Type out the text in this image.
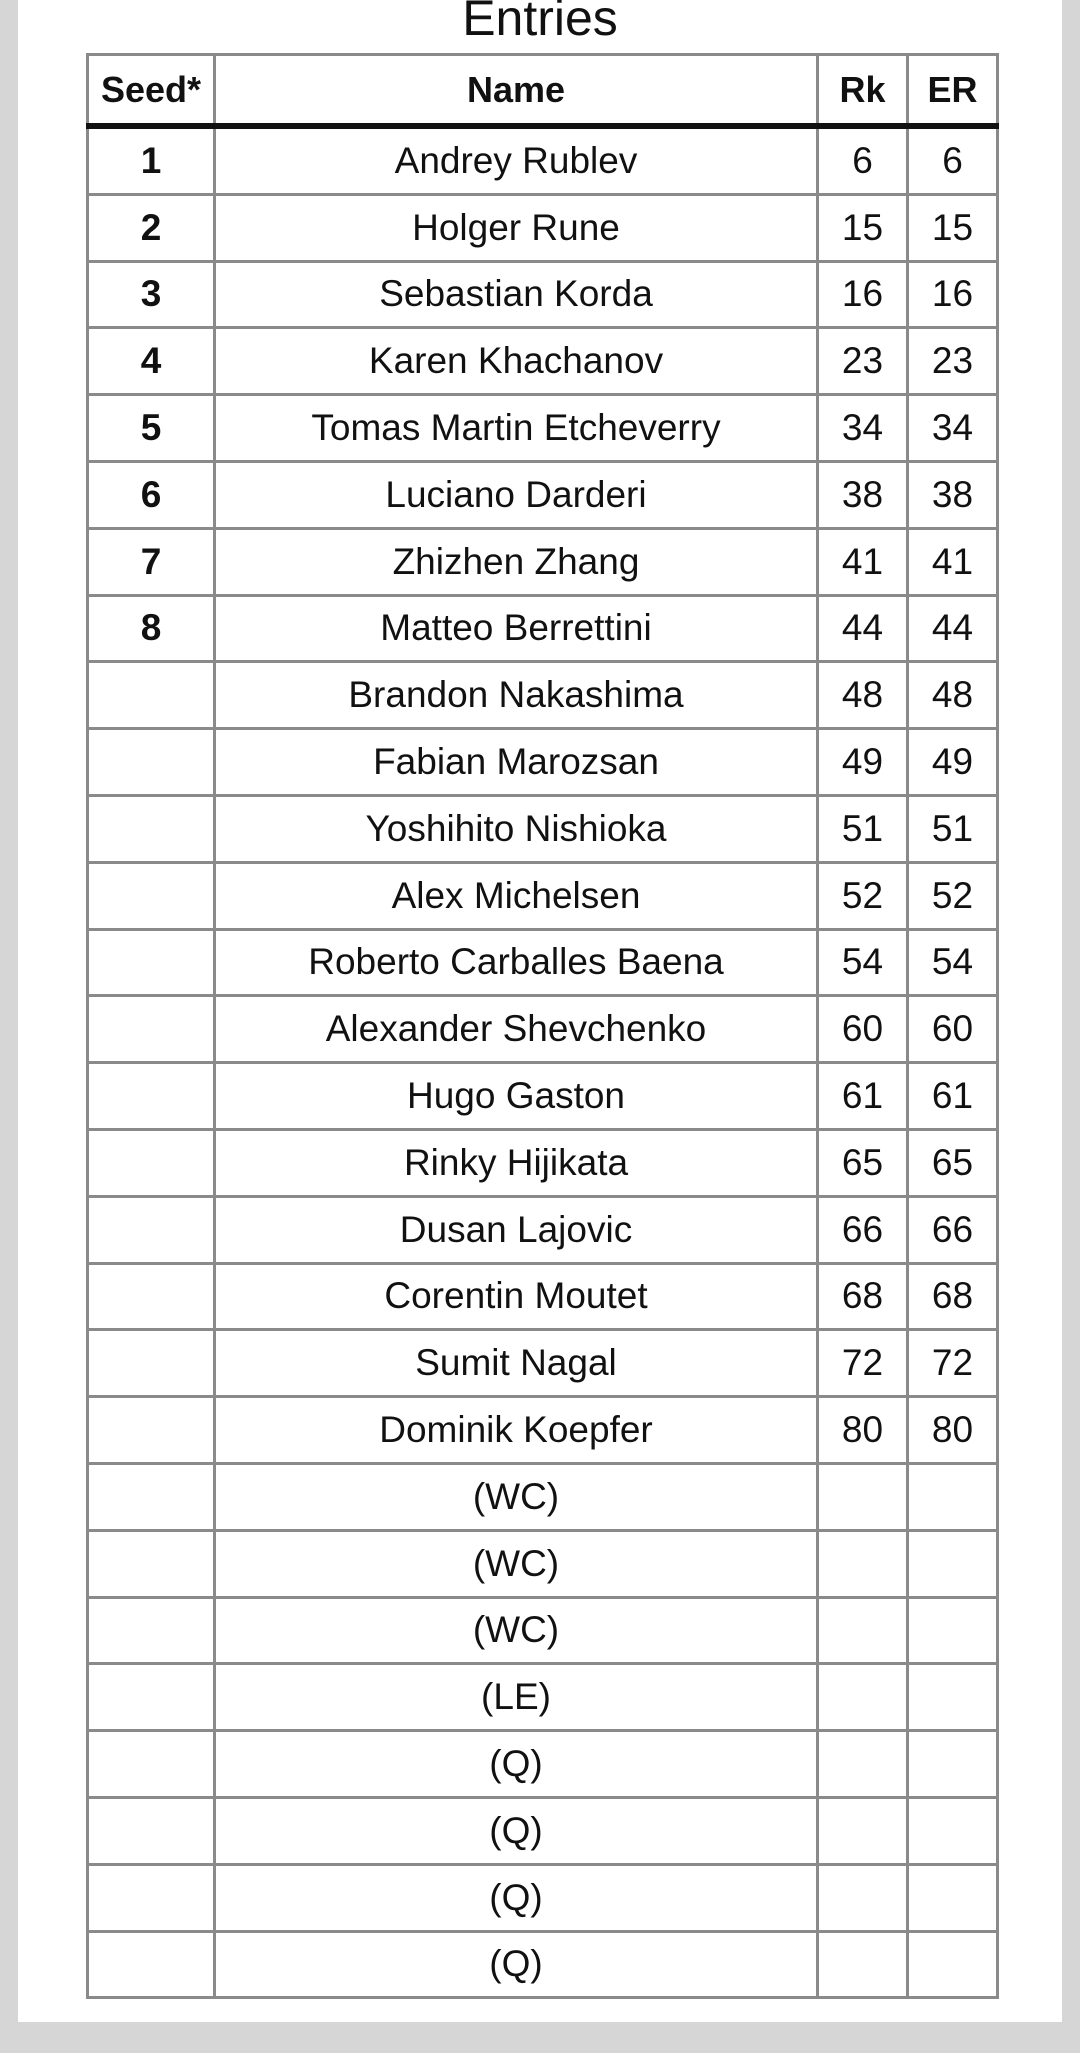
Entries
Seed*	Name	Rk	ER
1	Andrey Rublev	6	6
2	Holger Rune	15	15
3	Sebastian Korda	16	16
4	Karen Khachanov	23	23
5	Tomas Martin Etcheverry	34	34
6	Luciano Darderi	38	38
7	Zhizhen Zhang	41	41
8	Matteo Berrettini	44	44
	Brandon Nakashima	48	48
	Fabian Marozsan	49	49
	Yoshihito Nishioka	51	51
	Alex Michelsen	52	52
	Roberto Carballes Baena	54	54
	Alexander Shevchenko	60	60
	Hugo Gaston	61	61
	Rinky Hijikata	65	65
	Dusan Lajovic	66	66
	Corentin Moutet	68	68
	Sumit Nagal	72	72
	Dominik Koepfer	80	80
	(WC)		
	(WC)		
	(WC)		
	(LE)		
	(Q)		
	(Q)		
	(Q)		
	(Q)		
